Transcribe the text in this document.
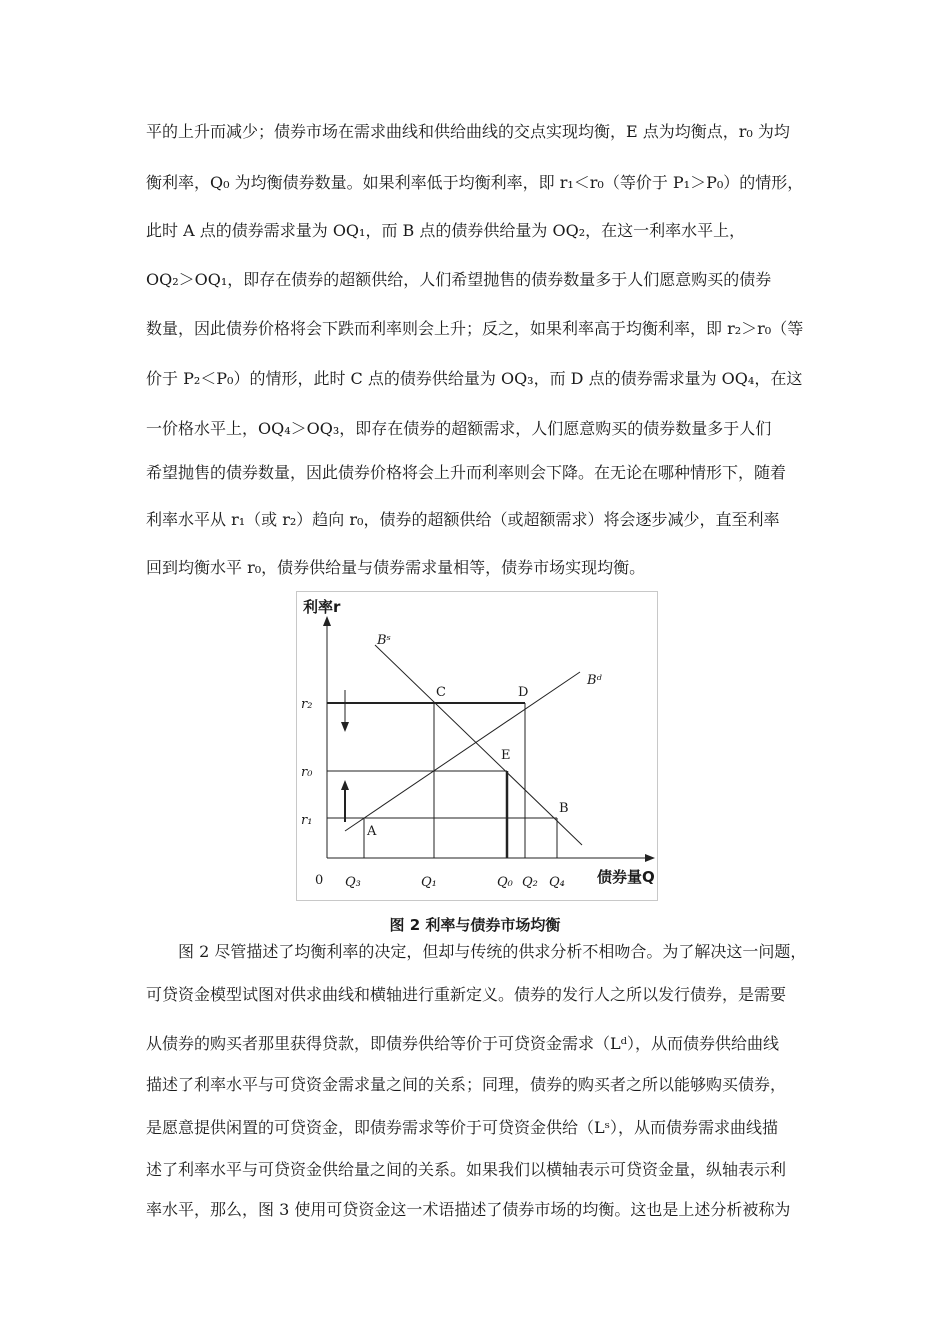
平的上升而减少；债券市场在需求曲线和供给曲线的交点实现均衡，E 点为均衡点，r₀ 为均
衡利率，Q₀ 为均衡债券数量。如果利率低于均衡利率，即 r₁＜r₀（等价于 P₁＞P₀）的情形，
此时 A 点的债券需求量为 OQ₁，而 B 点的债券供给量为 OQ₂，在这一利率水平上，
OQ₂＞OQ₁，即存在债券的超额供给，人们希望抛售的债券数量多于人们愿意购买的债券
数量，因此债券价格将会下跌而利率则会上升；反之，如果利率高于均衡利率，即 r₂＞r₀（等
价于 P₂＜P₀）的情形，此时 C 点的债券供给量为 OQ₃，而 D 点的债券需求量为 OQ₄，在这
一价格水平上，OQ₄＞OQ₃，即存在债券的超额需求，人们愿意购买的债券数量多于人们
希望抛售的债券数量，因此债券价格将会上升而利率则会下降。在无论在哪种情形下，随着
利率水平从 r₁（或 r₂）趋向 r₀，债券的超额供给（或超额需求）将会逐步减少，直至利率
回到均衡水平 r₀，债券供给量与债券需求量相等，债券市场实现均衡。
利率r
债券量Q
0
r₂
r₀
r₁
Q₃	Q₁	Q₀ Q₂ Q₄
Bˢ
Bᵈ
A
B
C	D
E
图 2 利率与债券市场均衡
图 2 尽管描述了均衡利率的决定，但却与传统的供求分析不相吻合。为了解决这一问题，
可贷资金模型试图对供求曲线和横轴进行重新定义。债券的发行人之所以发行债券，是需要
从债券的购买者那里获得贷款，即债券供给等价于可贷资金需求（Lᵈ），从而债券供给曲线
描述了利率水平与可贷资金需求量之间的关系；同理，债券的购买者之所以能够购买债券，
是愿意提供闲置的可贷资金，即债券需求等价于可贷资金供给（Lˢ），从而债券需求曲线描
述了利率水平与可贷资金供给量之间的关系。如果我们以横轴表示可贷资金量，纵轴表示利
率水平，那么，图 3 使用可贷资金这一术语描述了债券市场的均衡。这也是上述分析被称为
